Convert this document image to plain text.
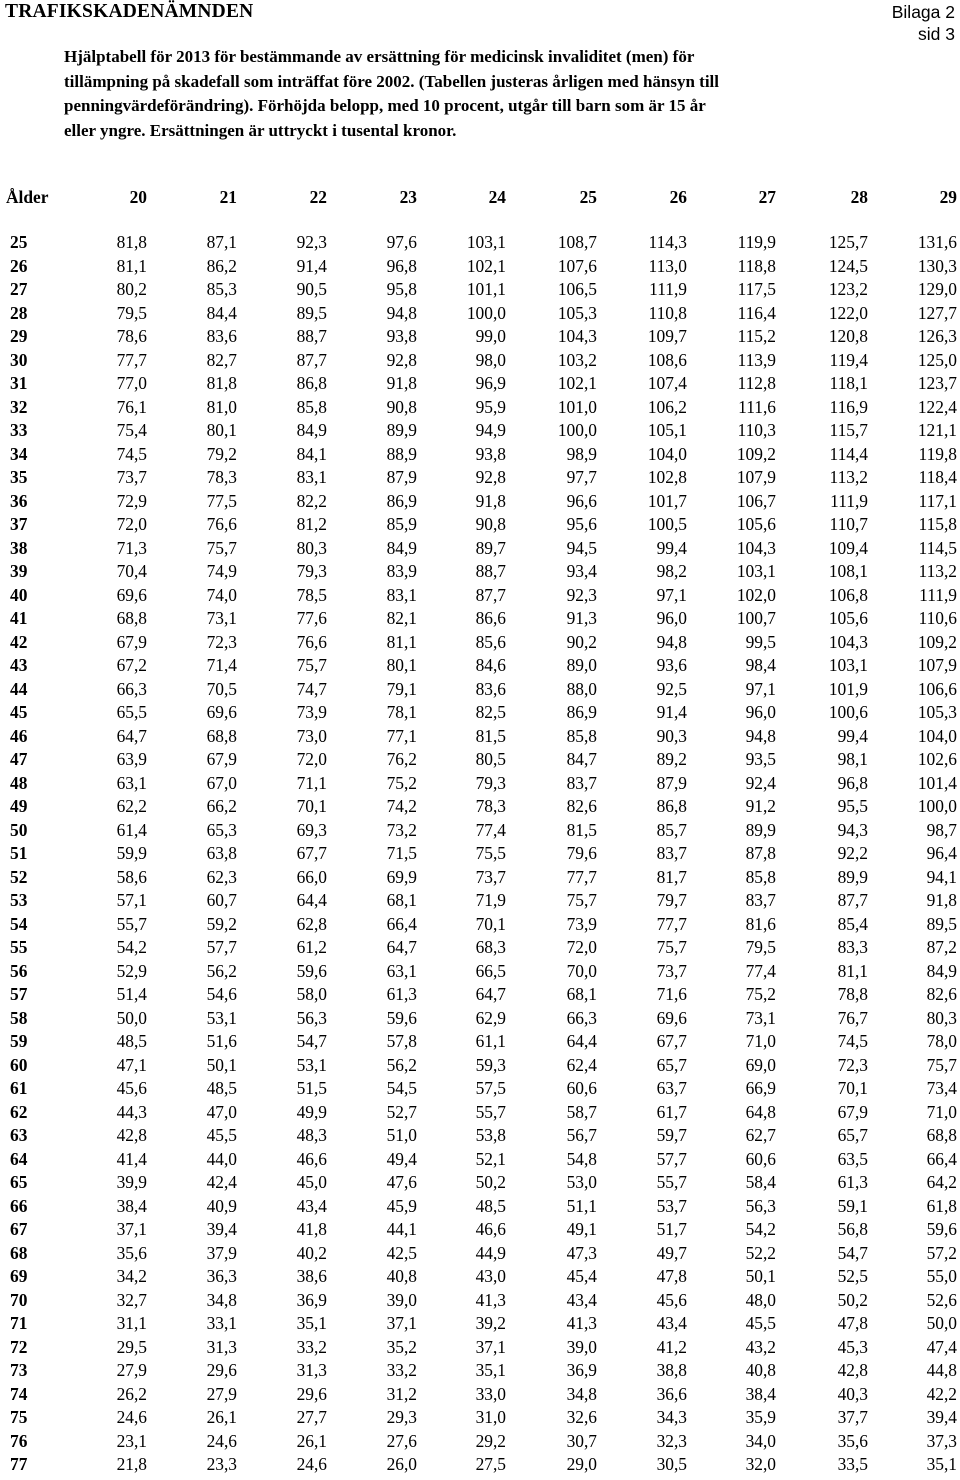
TRAFIKSKADENÄMNDEN	Bilaga 2
sid 3
Hjälptabell för 2013 för bestämmande av ersättning för medicinsk invaliditet (men) för
tillämpning på skadefall som inträffat före 2002. (Tabellen justeras årligen med hänsyn till
penningvärdeförändring). Förhöjda belopp, med 10 procent, utgår till barn som är 15 år
eller yngre. Ersättningen är uttryckt i tusental kronor.
Ålder	20	21	22	23	24	25	26	27	28	29
25	81,8	87,1	92,3	97,6	103,1	108,7	114,3	119,9	125,7	131,6
26	81,1	86,2	91,4	96,8	102,1	107,6	113,0	118,8	124,5	130,3
27	80,2	85,3	90,5	95,8	101,1	106,5	111,9	117,5	123,2	129,0
28	79,5	84,4	89,5	94,8	100,0	105,3	110,8	116,4	122,0	127,7
29	78,6	83,6	88,7	93,8	99,0	104,3	109,7	115,2	120,8	126,3
30	77,7	82,7	87,7	92,8	98,0	103,2	108,6	113,9	119,4	125,0
31	77,0	81,8	86,8	91,8	96,9	102,1	107,4	112,8	118,1	123,7
32	76,1	81,0	85,8	90,8	95,9	101,0	106,2	111,6	116,9	122,4
33	75,4	80,1	84,9	89,9	94,9	100,0	105,1	110,3	115,7	121,1
34	74,5	79,2	84,1	88,9	93,8	98,9	104,0	109,2	114,4	119,8
35	73,7	78,3	83,1	87,9	92,8	97,7	102,8	107,9	113,2	118,4
36	72,9	77,5	82,2	86,9	91,8	96,6	101,7	106,7	111,9	117,1
37	72,0	76,6	81,2	85,9	90,8	95,6	100,5	105,6	110,7	115,8
38	71,3	75,7	80,3	84,9	89,7	94,5	99,4	104,3	109,4	114,5
39	70,4	74,9	79,3	83,9	88,7	93,4	98,2	103,1	108,1	113,2
40	69,6	74,0	78,5	83,1	87,7	92,3	97,1	102,0	106,8	111,9
41	68,8	73,1	77,6	82,1	86,6	91,3	96,0	100,7	105,6	110,6
42	67,9	72,3	76,6	81,1	85,6	90,2	94,8	99,5	104,3	109,2
43	67,2	71,4	75,7	80,1	84,6	89,0	93,6	98,4	103,1	107,9
44	66,3	70,5	74,7	79,1	83,6	88,0	92,5	97,1	101,9	106,6
45	65,5	69,6	73,9	78,1	82,5	86,9	91,4	96,0	100,6	105,3
46	64,7	68,8	73,0	77,1	81,5	85,8	90,3	94,8	99,4	104,0
47	63,9	67,9	72,0	76,2	80,5	84,7	89,2	93,5	98,1	102,6
48	63,1	67,0	71,1	75,2	79,3	83,7	87,9	92,4	96,8	101,4
49	62,2	66,2	70,1	74,2	78,3	82,6	86,8	91,2	95,5	100,0
50	61,4	65,3	69,3	73,2	77,4	81,5	85,7	89,9	94,3	98,7
51	59,9	63,8	67,7	71,5	75,5	79,6	83,7	87,8	92,2	96,4
52	58,6	62,3	66,0	69,9	73,7	77,7	81,7	85,8	89,9	94,1
53	57,1	60,7	64,4	68,1	71,9	75,7	79,7	83,7	87,7	91,8
54	55,7	59,2	62,8	66,4	70,1	73,9	77,7	81,6	85,4	89,5
55	54,2	57,7	61,2	64,7	68,3	72,0	75,7	79,5	83,3	87,2
56	52,9	56,2	59,6	63,1	66,5	70,0	73,7	77,4	81,1	84,9
57	51,4	54,6	58,0	61,3	64,7	68,1	71,6	75,2	78,8	82,6
58	50,0	53,1	56,3	59,6	62,9	66,3	69,6	73,1	76,7	80,3
59	48,5	51,6	54,7	57,8	61,1	64,4	67,7	71,0	74,5	78,0
60	47,1	50,1	53,1	56,2	59,3	62,4	65,7	69,0	72,3	75,7
61	45,6	48,5	51,5	54,5	57,5	60,6	63,7	66,9	70,1	73,4
62	44,3	47,0	49,9	52,7	55,7	58,7	61,7	64,8	67,9	71,0
63	42,8	45,5	48,3	51,0	53,8	56,7	59,7	62,7	65,7	68,8
64	41,4	44,0	46,6	49,4	52,1	54,8	57,7	60,6	63,5	66,4
65	39,9	42,4	45,0	47,6	50,2	53,0	55,7	58,4	61,3	64,2
66	38,4	40,9	43,4	45,9	48,5	51,1	53,7	56,3	59,1	61,8
67	37,1	39,4	41,8	44,1	46,6	49,1	51,7	54,2	56,8	59,6
68	35,6	37,9	40,2	42,5	44,9	47,3	49,7	52,2	54,7	57,2
69	34,2	36,3	38,6	40,8	43,0	45,4	47,8	50,1	52,5	55,0
70	32,7	34,8	36,9	39,0	41,3	43,4	45,6	48,0	50,2	52,6
71	31,1	33,1	35,1	37,1	39,2	41,3	43,4	45,5	47,8	50,0
72	29,5	31,3	33,2	35,2	37,1	39,0	41,2	43,2	45,3	47,4
73	27,9	29,6	31,3	33,2	35,1	36,9	38,8	40,8	42,8	44,8
74	26,2	27,9	29,6	31,2	33,0	34,8	36,6	38,4	40,3	42,2
75	24,6	26,1	27,7	29,3	31,0	32,6	34,3	35,9	37,7	39,4
76	23,1	24,6	26,1	27,6	29,2	30,7	32,3	34,0	35,6	37,3
77	21,8	23,3	24,6	26,0	27,5	29,0	30,5	32,0	33,5	35,1
